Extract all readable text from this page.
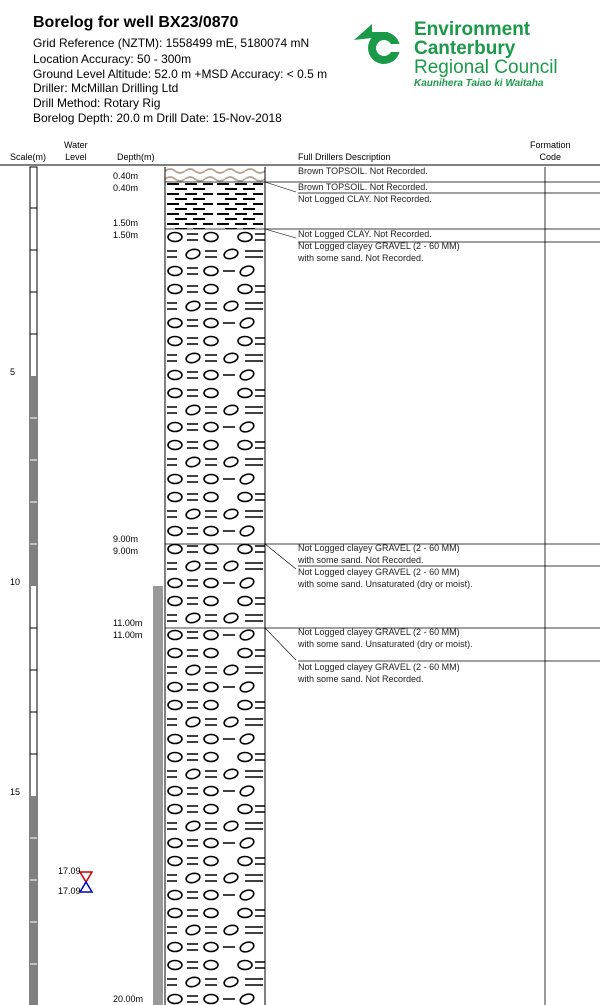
Borelog for well BX23/0870
Grid Reference (NZTM): 1558499 mE, 5180074 mN
Location Accuracy: 50 - 300m
Ground Level Altitude: 52.0 m +MSD Accuracy: < 0.5 m
Driller: McMillan Drilling Ltd
Drill Method: Rotary Rig
Borelog Depth: 20.0 m Drill Date: 15-Nov-2018
Environment
Canterbury
Regional Council
Kaunihera Taiao ki Waitaha
Scale(m)
Water
Level	Depth(m)	Full Drillers Description
Formation
Code
5
10
15
17.09
17.09
0.40m
0.40m
1.50m
1.50m
9.00m
9.00m
11.00m
11.00m
20.00m
Brown TOPSOIL. Not Recorded.
Brown TOPSOIL. Not Recorded.
Not Logged CLAY. Not Recorded.
Not Logged CLAY. Not Recorded.
Not Logged clayey GRAVEL (2 - 60 MM) with some sand. Not Recorded.
Not Logged clayey GRAVEL (2 - 60 MM) with some sand. Not Recorded.
Not Logged clayey GRAVEL (2 - 60 MM) with some sand. Unsaturated (dry or moist).
Not Logged clayey GRAVEL (2 - 60 MM) with some sand. Unsaturated (dry or moist).
Not Logged clayey GRAVEL (2 - 60 MM) with some sand. Not Recorded.
